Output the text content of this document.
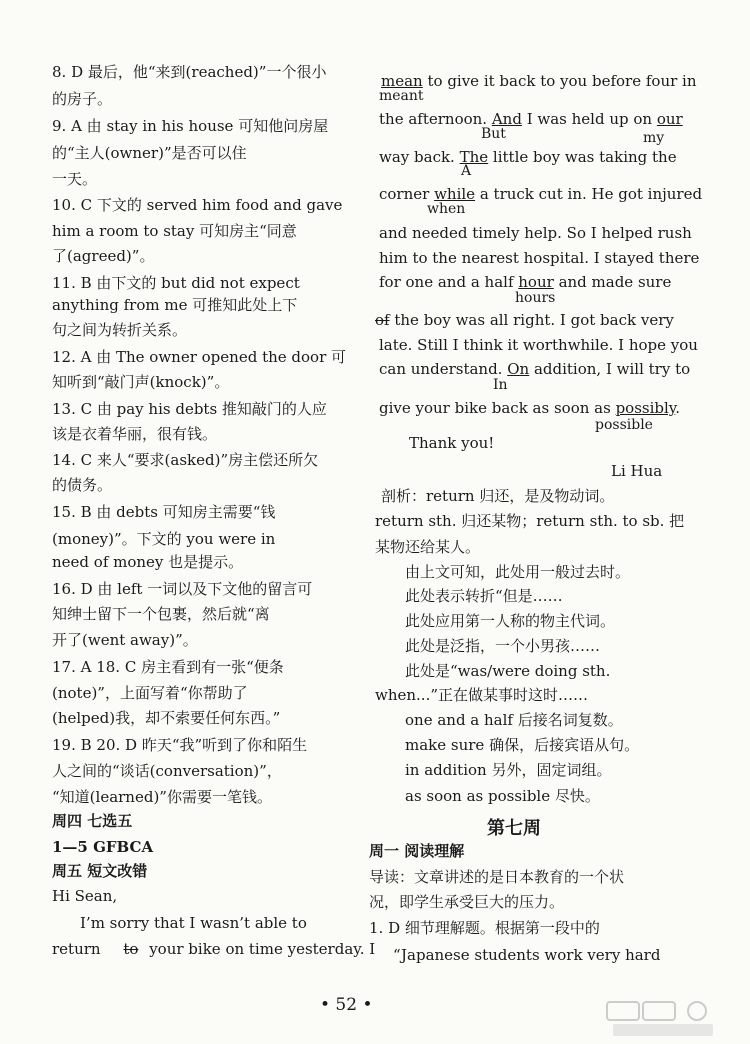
8. D 最后，他“来到(reached)”一个很小
的房子。
9. A 由 stay in his house 可知他问房屋
的“主人(owner)”是否可以住
一天。
10. C 下文的 served him food and gave
him a room to stay 可知房主“同意
了(agreed)”。
11. B 由下文的 but did not expect
anything from me 可推知此处上下
句之间为转折关系。
12. A 由 The owner opened the door 可
知听到“敲门声(knock)”。
13. C 由 pay his debts 推知敲门的人应
该是衣着华丽，很有钱。
14. C 来人“要求(asked)”房主偿还所欠
的债务。
15. B 由 debts 可知房主需要“钱
(money)”。下文的 you were in
need of money 也是提示。
16. D 由 left 一词以及下文他的留言可
知绅士留下一个包裹，然后就“离
开了(went away)”。
17. A 18. C 房主看到有一张“便条
(note)”，上面写着“你帮助了
(helped)我，却不索要任何东西。”
19. B 20. D 昨天“我”听到了你和陌生
人之间的“谈话(conversation)”，
“知道(learned)”你需要一笔钱。
周四 七选五
1—5 GFBCA
周五 短文改错
Hi Sean,
I’m sorry that I wasn’t able to
return to your bike on time yesterday. I
mean to give it back to you before four in
meant
the afternoon. And I was held up on our
But	my
way back. The little boy was taking the
A
corner while a truck cut in. He got injured
when
and needed timely help. So I helped rush
him to the nearest hospital. I stayed there
for one and a half hour and made sure
hours
of the boy was all right. I got back very
late. Still I think it worthwhile. I hope you
can understand. On addition, I will try to
In
give your bike back as soon as possibly.
possible
Thank you!
Li Hua
剖析：return 归还，是及物动词。
return sth. 归还某物；return sth. to sb. 把
某物还给某人。
由上文可知，此处用一般过去时。
此处表示转折“但是……
此处应用第一人称的物主代词。
此处是泛指，一个小男孩……
此处是“was/were doing sth.
when...”正在做某事时这时……
one and a half 后接名词复数。
make sure 确保，后接宾语从句。
in addition 另外，固定词组。
as soon as possible 尽快。
第七周
周一 阅读理解
导读：文章讲述的是日本教育的一个状
况，即学生承受巨大的压力。
1. D 细节理解题。根据第一段中的
“Japanese students work very hard
• 52 •
